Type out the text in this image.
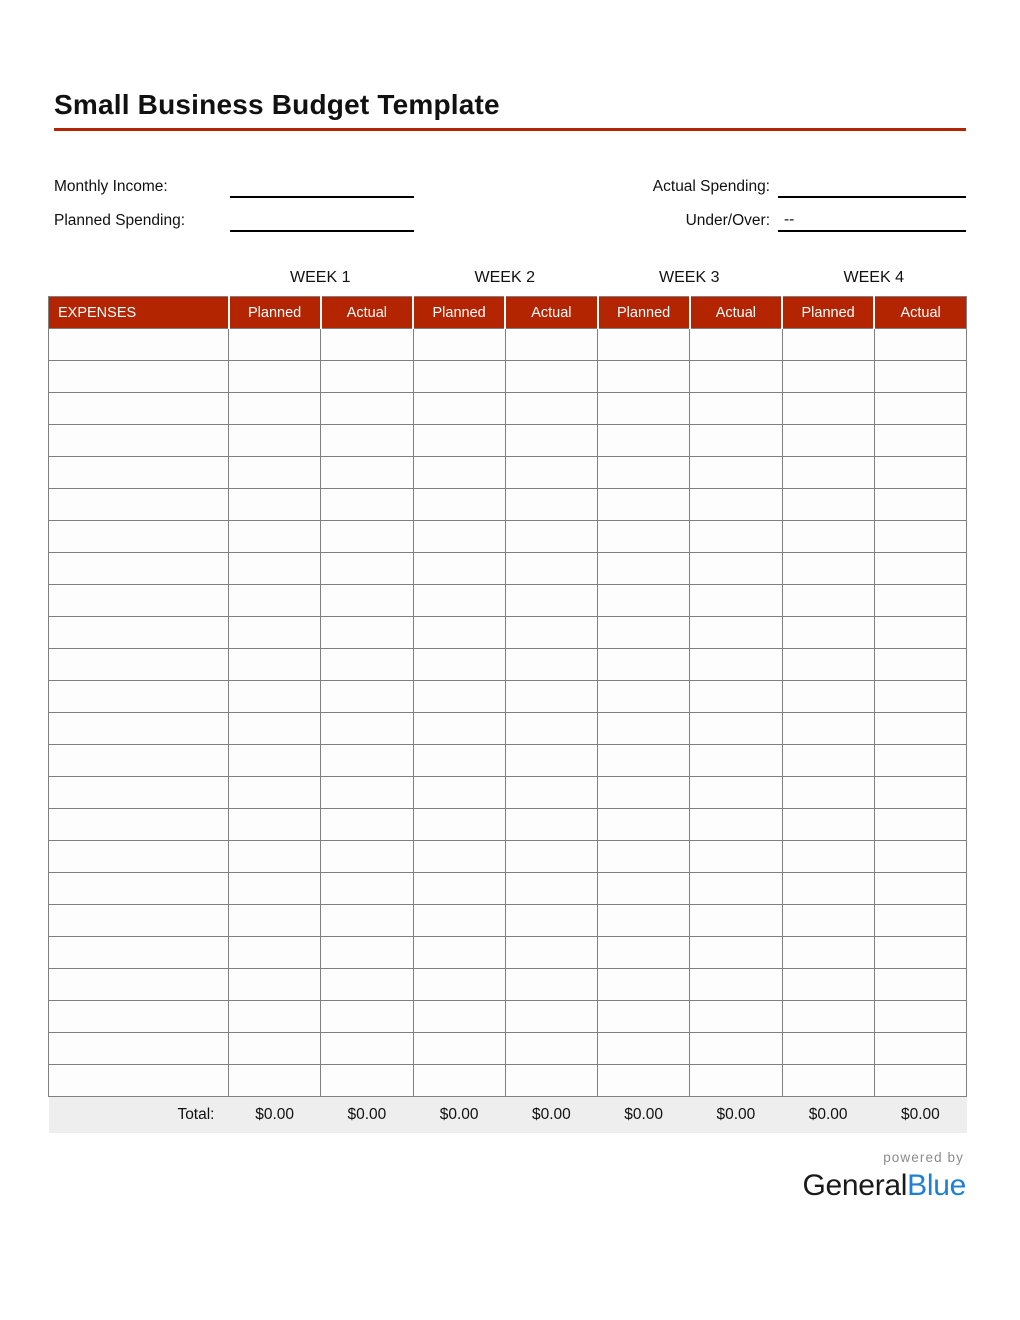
Small Business Budget Template
Monthly Income:
Planned Spending:
Actual Spending:
Under/Over: --
WEEK 1	WEEK 2	WEEK 3	WEEK 4
EXPENSES	Planned	Actual	Planned	Actual	Planned	Actual	Planned	Actual

Total:	$0.00	$0.00	$0.00	$0.00	$0.00	$0.00	$0.00	$0.00
powered by
GeneralBlue
